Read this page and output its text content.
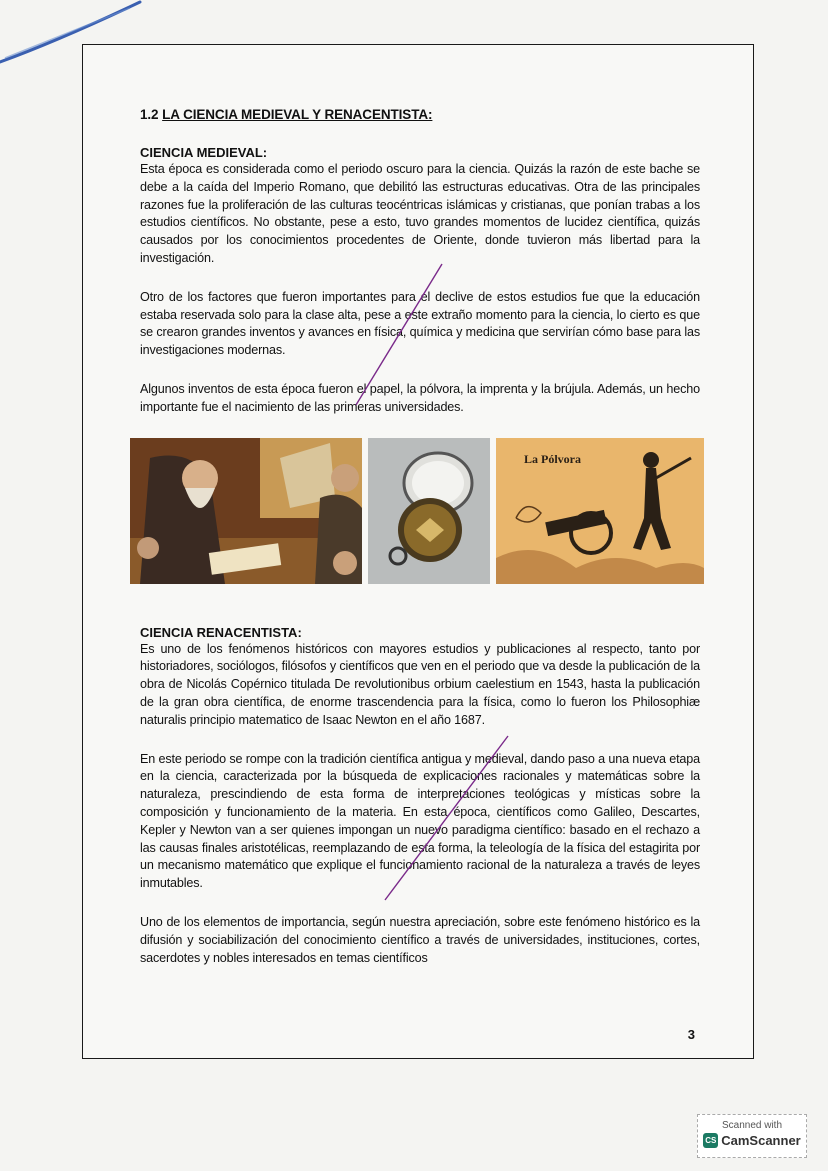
1.2 LA CIENCIA MEDIEVAL Y RENACENTISTA:
CIENCIA MEDIEVAL:

Esta época es considerada como el periodo oscuro para la ciencia. Quizás la razón de este bache se debe a la caída del Imperio Romano, que debilitó las estructuras educativas. Otra de las principales razones fue la proliferación de las culturas teocéntricas islámicas y cristianas, que ponían trabas a los estudios científicos. No obstante, pese a esto, tuvo grandes momentos de lucidez científica, quizás causados por los conocimientos procedentes de Oriente, donde tuvieron más libertad para la investigación.

Otro de los factores que fueron importantes para el declive de estos estudios fue que la educación estaba reservada solo para la clase alta, pese a este extraño momento para la ciencia, lo cierto es que se crearon grandes inventos y avances en física, química y medicina que servirían cómo base para las investigaciones modernas.

Algunos inventos de esta época fueron el papel, la pólvora, la imprenta y la brújula. Además, un hecho importante fue el nacimiento de las primeras universidades.

La Pólvora
CIENCIA RENACENTISTA:

Es uno de los fenómenos históricos con mayores estudios y publicaciones al respecto, tanto por historiadores, sociólogos, filósofos y científicos que ven en el periodo que va desde la publicación de la obra de Nicolás Copérnico titulada De revolutionibus orbium caelestium en 1543, hasta la publicación de la gran obra científica, de enorme trascendencia para la física, como lo fueron los Philosophiæ naturalis principio matematico de Isaac Newton en el año 1687.

En este periodo se rompe con la tradición científica antigua y medieval, dando paso a una nueva etapa en la ciencia, caracterizada por la búsqueda de explicaciones racionales y matemáticas sobre la naturaleza, prescindiendo de esta forma de interpretaciones teológicas y místicas sobre la composición y funcionamiento de la materia. En esta época, científicos como Galileo, Descartes, Kepler y Newton van a ser quienes impongan un nuevo paradigma científico: basado en el rechazo a las causas finales aristotélicas, reemplazando de esta forma, la teleología de la física del estagirita por un mecanismo matemático que explique el funcionamiento racional de la naturaleza a través de leyes inmutables.

Uno de los elementos de importancia, según nuestra apreciación, sobre este fenómeno histórico es la difusión y sociabilización del conocimiento científico a través de universidades, instituciones, cortes, sacerdotes y nobles interesados en temas científicos

3
Scanned with
CS CamScanner
